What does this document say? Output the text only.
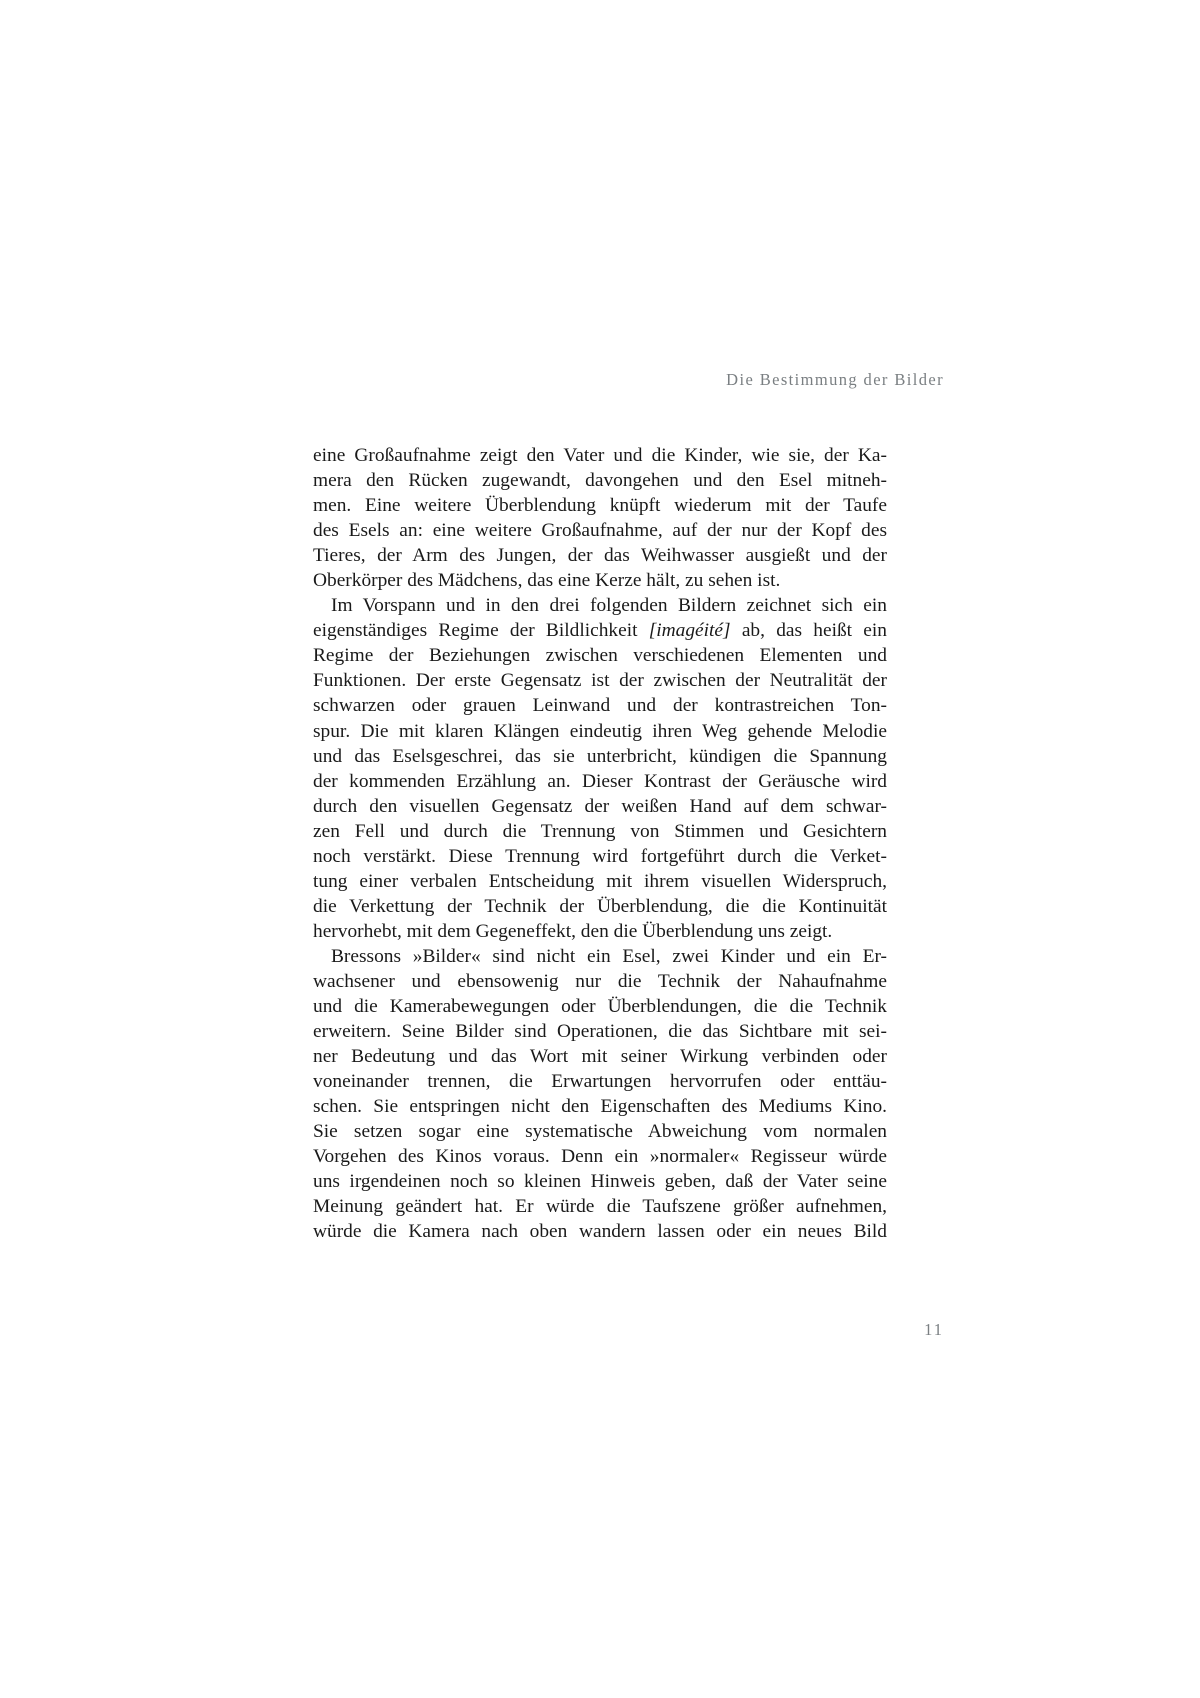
Die Bestimmung der Bilder
eine Großaufnahme zeigt den Vater und die Kinder, wie sie, der Ka-
mera den Rücken zugewandt, davongehen und den Esel mitneh-
men. Eine weitere Überblendung knüpft wiederum mit der Taufe
des Esels an: eine weitere Großaufnahme, auf der nur der Kopf des
Tieres, der Arm des Jungen, der das Weihwasser ausgießt und der
Oberkörper des Mädchens, das eine Kerze hält, zu sehen ist.
Im Vorspann und in den drei folgenden Bildern zeichnet sich ein
eigenständiges Regime der Bildlichkeit [imagéité] ab, das heißt ein
Regime der Beziehungen zwischen verschiedenen Elementen und
Funktionen. Der erste Gegensatz ist der zwischen der Neutralität der
schwarzen oder grauen Leinwand und der kontrastreichen Ton-
spur. Die mit klaren Klängen eindeutig ihren Weg gehende Melodie
und das Eselsgeschrei, das sie unterbricht, kündigen die Spannung
der kommenden Erzählung an. Dieser Kontrast der Geräusche wird
durch den visuellen Gegensatz der weißen Hand auf dem schwar-
zen Fell und durch die Trennung von Stimmen und Gesichtern
noch verstärkt. Diese Trennung wird fortgeführt durch die Verket-
tung einer verbalen Entscheidung mit ihrem visuellen Widerspruch,
die Verkettung der Technik der Überblendung, die die Kontinuität
hervorhebt, mit dem Gegeneffekt, den die Überblendung uns zeigt.
Bressons »Bilder« sind nicht ein Esel, zwei Kinder und ein Er-
wachsener und ebensowenig nur die Technik der Nahaufnahme
und die Kamerabewegungen oder Überblendungen, die die Technik
erweitern. Seine Bilder sind Operationen, die das Sichtbare mit sei-
ner Bedeutung und das Wort mit seiner Wirkung verbinden oder
voneinander trennen, die Erwartungen hervorrufen oder enttäu-
schen. Sie entspringen nicht den Eigenschaften des Mediums Kino.
Sie setzen sogar eine systematische Abweichung vom normalen
Vorgehen des Kinos voraus. Denn ein »normaler« Regisseur würde
uns irgendeinen noch so kleinen Hinweis geben, daß der Vater seine
Meinung geändert hat. Er würde die Taufszene größer aufnehmen,
würde die Kamera nach oben wandern lassen oder ein neues Bild
11
